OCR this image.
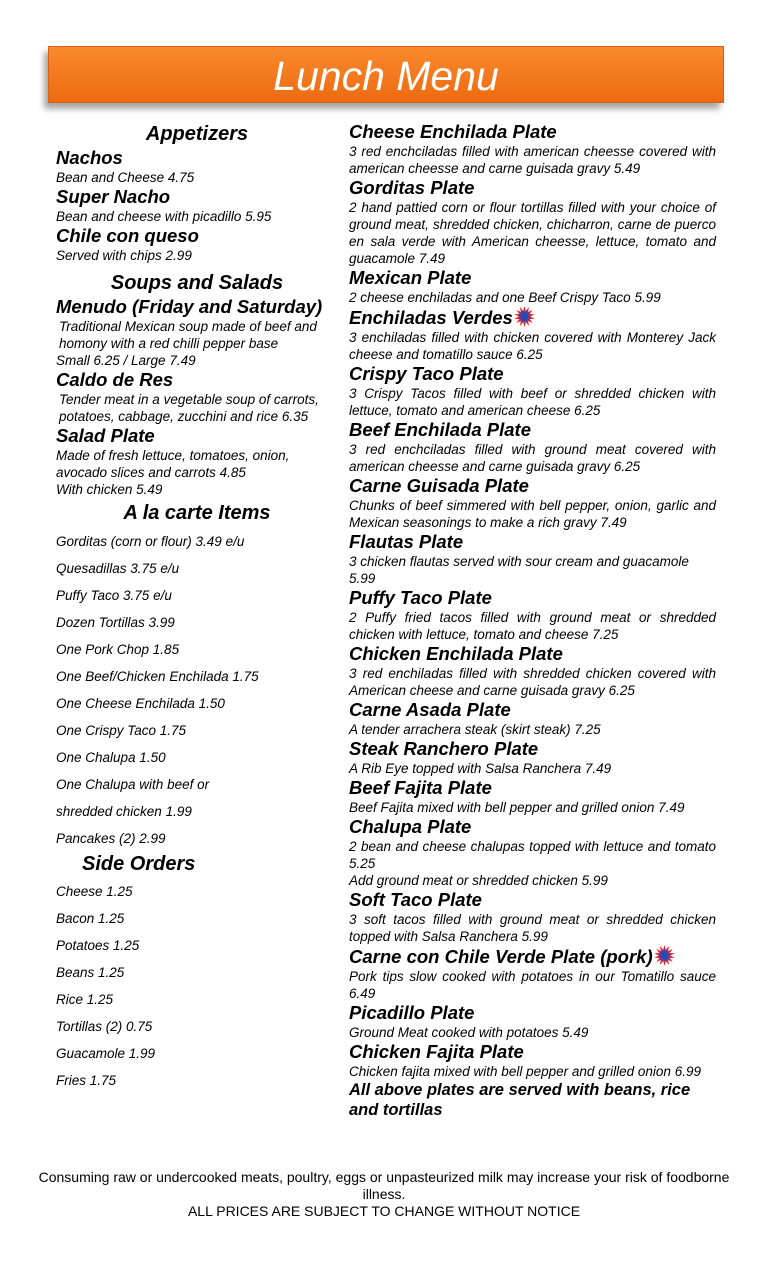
Lunch Menu
Appetizers
Nachos
Bean and Cheese 4.75
Super Nacho
Bean and cheese with picadillo 5.95
Chile con queso
Served with chips 2.99
Soups and Salads
Menudo (Friday and Saturday)
Traditional Mexican soup made of beef and homony with a red chilli pepper base
Small 6.25 / Large 7.49
Caldo de Res
Tender meat in a vegetable soup of carrots, potatoes, cabbage, zucchini and rice 6.35
Salad Plate
Made of fresh lettuce, tomatoes, onion, avocado slices and carrots 4.85
With chicken 5.49
A la carte Items
Gorditas (corn or flour) 3.49 e/u
Quesadillas 3.75 e/u
Puffy Taco 3.75 e/u
Dozen Tortillas 3.99
One Pork Chop 1.85
One Beef/Chicken Enchilada 1.75
One Cheese Enchilada 1.50
One Crispy Taco 1.75
One Chalupa 1.50
One Chalupa with beef or
shredded chicken 1.99
Pancakes (2) 2.99
Side Orders
Cheese 1.25
Bacon 1.25
Potatoes 1.25
Beans 1.25
Rice 1.25
Tortillas (2) 0.75
Guacamole 1.99
Fries 1.75
Cheese Enchilada Plate
3 red enchciladas filled with american cheesse covered with american cheesse and carne guisada gravy 5.49
Gorditas Plate
2 hand pattied corn or flour tortillas filled with your choice of ground meat, shredded chicken, chicharron, carne de puerco en sala verde with American cheesse, lettuce, tomato and guacamole 7.49
Mexican Plate
2 cheese enchiladas and one Beef Crispy Taco 5.99
Enchiladas Verdes
3 enchiladas filled with chicken covered with Monterey Jack cheese and tomatillo sauce 6.25
Crispy Taco Plate
3 Crispy Tacos filled with beef or shredded chicken with lettuce, tomato and american cheese 6.25
Beef Enchilada Plate
3 red enchciladas filled with ground meat covered with american cheesse and carne guisada gravy 6.25
Carne Guisada Plate
Chunks of beef simmered with bell pepper, onion, garlic and Mexican seasonings to make a rich gravy 7.49
Flautas Plate
3 chicken flautas served with sour cream and guacamole 5.99
Puffy Taco Plate
2 Puffy fried tacos filled with ground meat or shredded chicken with lettuce, tomato and cheese 7.25
Chicken Enchilada Plate
3 red enchiladas filled with shredded chicken covered with American cheese and carne guisada gravy 6.25
Carne Asada Plate
A tender arrachera steak (skirt steak) 7.25
Steak Ranchero Plate
A Rib Eye topped with Salsa Ranchera 7.49
Beef Fajita Plate
Beef Fajita mixed with bell pepper and grilled onion 7.49
Chalupa Plate
2 bean and cheese chalupas topped with lettuce and tomato 5.25
Add ground meat or shredded chicken 5.99
Soft Taco Plate
3 soft tacos filled with ground meat or shredded chicken topped with Salsa Ranchera 5.99
Carne con Chile Verde Plate (pork)
Pork tips slow cooked with potatoes in our Tomatillo sauce 6.49
Picadillo Plate
Ground Meat cooked with potatoes 5.49
Chicken Fajita Plate
Chicken fajita mixed with bell pepper and grilled onion 6.99
All above plates are served with beans, rice and tortillas
Consuming raw or undercooked meats, poultry, eggs or unpasteurized milk may increase your risk of foodborne illness.
ALL PRICES ARE SUBJECT TO CHANGE WITHOUT NOTICE
